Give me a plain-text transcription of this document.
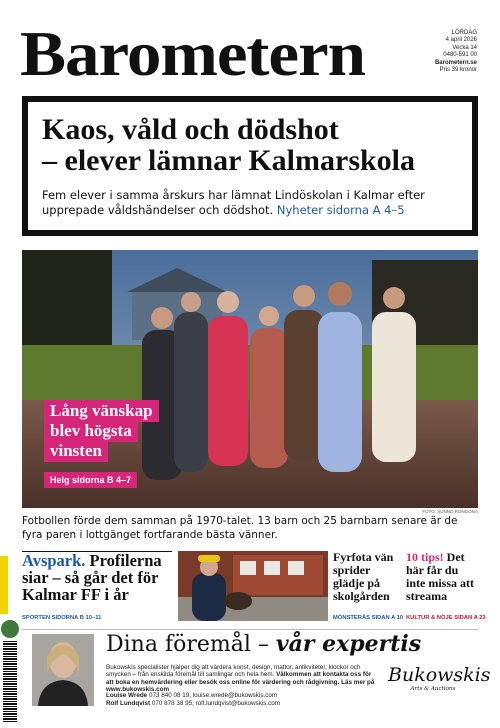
Barometern	LÖRDAG
4 april 2026
Vecka 14
0480-591 00
Barometern.se
Pris 39 kronor
Kaos, våld och dödshot
– elever lämnar Kalmarskola
Fem elever i samma årskurs har lämnat Lindöskolan i Kalmar efter upprepade våldshändelser och dödshot. Nyheter sidorna A 4–5
Lång vänskap
blev högsta
vinsten
Helg sidorna B 4–7
FOTO: SUNNO RONGONA
Fotbollen förde dem samman på 1970-talet. 13 barn och 25 barnbarn senare är de fyra paren i lottgänget fortfarande bästa vänner.
Avspark. Profilerna siar – så går det för Kalmar FF i år
SPORTEN SIDORNA B 10–11
Fyrfota vän sprider glädje på skolgården
MÖNSTERÅS SIDAN A 10
10 tips! Det här får du inte missa att streama
KULTUR & NÖJE SIDAN A 23
Dina föremål – vår expertis
Bukowskis specialister hjälper dig att värdera konst, design, mattor, antikviteter, klockor och smycken – från enskilda föremål till samlingar och hela hem. Välkommen att kontakta oss för att boka en hemvärdering eller besök oss online för värdering och rådgivning. Läs mer på www.bukowskis.com
Louise Wrede 073 840 08 19, louise.wrede@bukowskis.com
Rolf Lundqvist 070 878 38 95, rolf.lundqvist@bukowskis.com
Bukowskis
Arts & Auctions
